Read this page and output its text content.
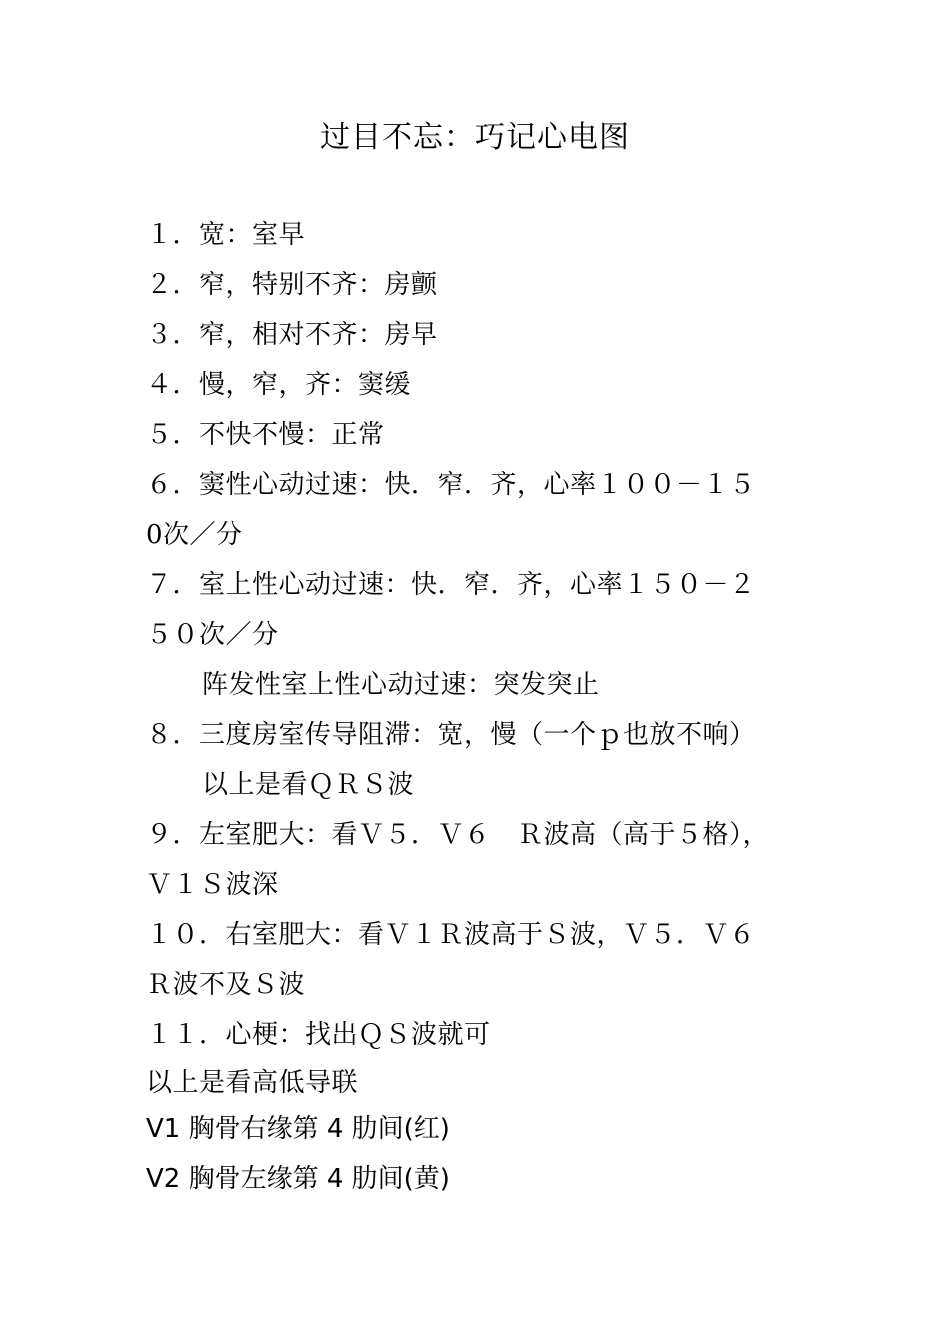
过目不忘：巧记心电图
１．宽：室早
２．窄，特别不齐：房颤
３．窄，相对不齐：房早
４．慢，窄，齐：窦缓
５．不快不慢：正常
６．窦性心动过速：快．窄．齐，心率１００－１５
0次／分
７．室上性心动过速：快．窄．齐，心率１５０－２
５０次／分
阵发性室上性心动过速：突发突止
８．三度房室传导阻滞：宽，慢（一个ｐ也放不响）
以上是看ＱＲＳ波
９．左室肥大：看Ｖ５．Ｖ６　Ｒ波高（高于５格），
Ｖ１Ｓ波深
１０．右室肥大：看Ｖ１Ｒ波高于Ｓ波，Ｖ５．Ｖ６
Ｒ波不及Ｓ波
１１．心梗：找出ＱＳ波就可
以上是看高低导联
V1 胸骨右缘第 4 肋间(红)
V2 胸骨左缘第 4 肋间(黄)
